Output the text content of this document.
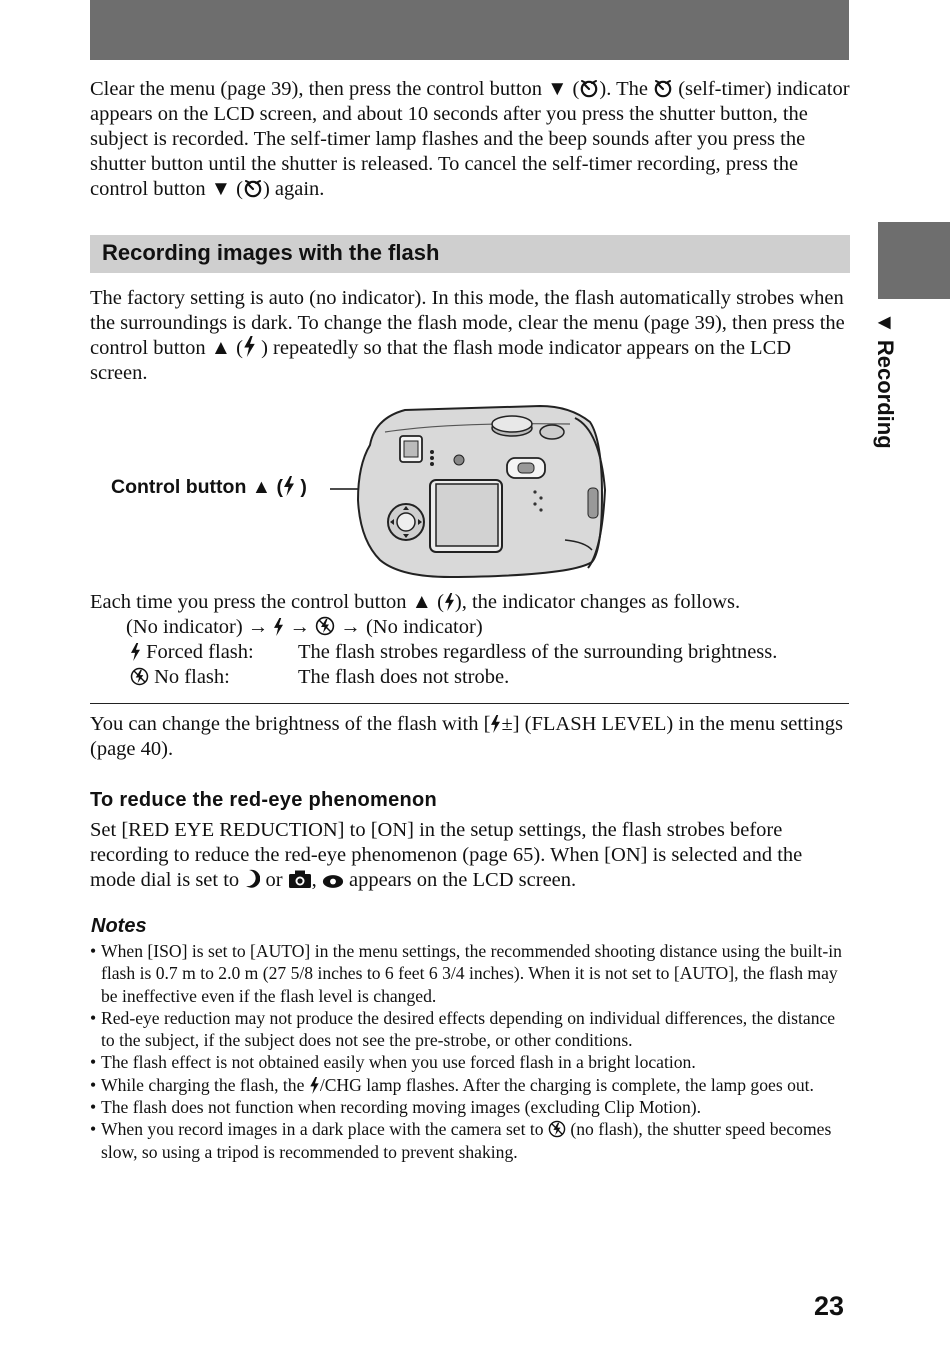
Clear the menu (page 39), then press the control button ▼ ( ). The  (self-timer) indicator appears on the LCD screen, and about 10 seconds after you press the shutter button, the subject is recorded. The self-timer lamp flashes and the beep sounds after you press the shutter button until the shutter is released. To cancel the self-timer recording, press the control button ▼ ( ) again.

Recording images with the flash

The factory setting is auto (no indicator). In this mode, the flash automatically strobes when the surroundings is dark. To change the flash mode, clear the menu (page 39), then press the control button ▲ ( ) repeatedly so that the flash mode indicator appears on the LCD screen.

Control button ▲ ( )
Each time you press the control button ▲ ( ), the indicator changes as follows.
(No indicator) → → → (No indicator)
Forced flash: The flash strobes regardless of the surrounding brightness.
No flash:	The flash does not strobe.

You can change the brightness of the flash with [ ±] (FLASH LEVEL) in the menu settings (page 40).

To reduce the red-eye phenomenon

Set [RED EYE REDUCTION] to [ON] in the setup settings, the flash strobes before recording to reduce the red-eye phenomenon (page 65). When [ON] is selected and the mode dial is set to or , appears on the LCD screen.

Notes
• When [ISO] is set to [AUTO] in the menu settings, the recommended shooting distance using the built-in flash is 0.7 m to 2.0 m (27 5/8 inches to 6 feet 6 3/4 inches). When it is not set to [AUTO], the flash may be ineffective even if the flash level is changed.
• Red-eye reduction may not produce the desired effects depending on individual differences, the distance to the subject, if the subject does not see the pre-strobe, or other conditions.
• The flash effect is not obtained easily when you use forced flash in a bright location.
• While charging the flash, the /CHG lamp flashes. After the charging is complete, the lamp goes out.
• The flash does not function when recording moving images (excluding Clip Motion).
• When you record images in a dark place with the camera set to (no flash), the shutter speed becomes slow, so using a tripod is recommended to prevent shaking.
▼ Recording
23
